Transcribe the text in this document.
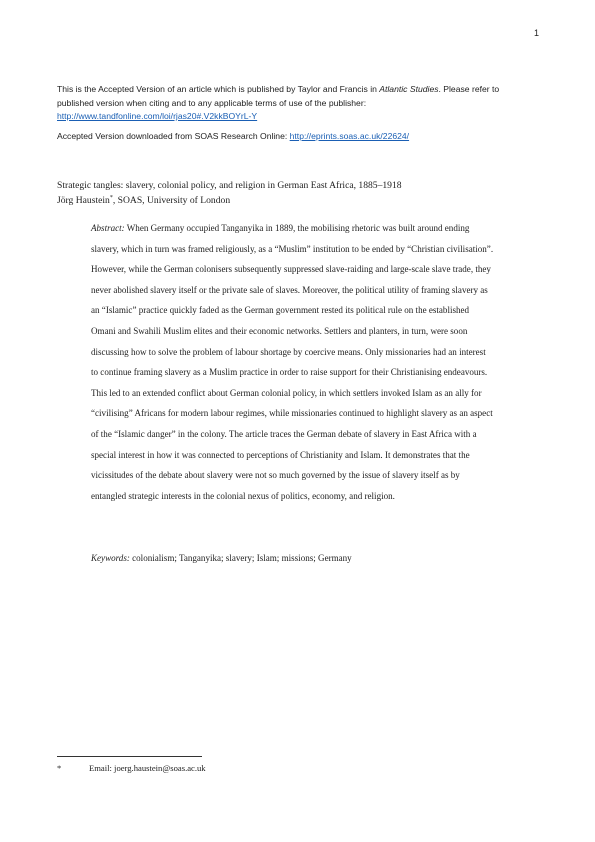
1
This is the Accepted Version of an article which is published by Taylor and Francis in Atlantic Studies. Please refer to published version when citing and to any applicable terms of use of the publisher:
http://www.tandfonline.com/loi/rjas20#.V2kkBOYrL-Y
Accepted Version downloaded from SOAS Research Online: http://eprints.soas.ac.uk/22624/
Strategic tangles: slavery, colonial policy, and religion in German East Africa, 1885–1918
Jörg Haustein*, SOAS, University of London
Abstract: When Germany occupied Tanganyika in 1889, the mobilising rhetoric was built around ending
slavery, which in turn was framed religiously, as a “Muslim” institution to be ended by “Christian civilisation”.
However, while the German colonisers subsequently suppressed slave-raiding and large-scale slave trade, they
never abolished slavery itself or the private sale of slaves. Moreover, the political utility of framing slavery as
an “Islamic” practice quickly faded as the German government rested its political rule on the established
Omani and Swahili Muslim elites and their economic networks. Settlers and planters, in turn, were soon
discussing how to solve the problem of labour shortage by coercive means. Only missionaries had an interest
to continue framing slavery as a Muslim practice in order to raise support for their Christianising endeavours.
This led to an extended conflict about German colonial policy, in which settlers invoked Islam as an ally for
“civilising” Africans for modern labour regimes, while missionaries continued to highlight slavery as an aspect
of the “Islamic danger” in the colony. The article traces the German debate of slavery in East Africa with a
special interest in how it was connected to perceptions of Christianity and Islam. It demonstrates that the
vicissitudes of the debate about slavery were not so much governed by the issue of slavery itself as by
entangled strategic interests in the colonial nexus of politics, economy, and religion.
Keywords: colonialism; Tanganyika; slavery; Islam; missions; Germany
*	Email: joerg.haustein@soas.ac.uk
